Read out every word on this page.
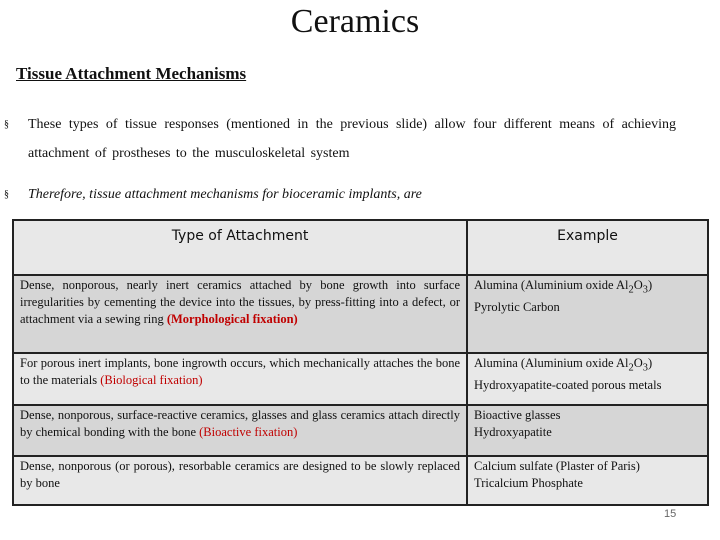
Ceramics
Tissue Attachment Mechanisms
§ These types of tissue responses (mentioned in the previous slide) allow four different means of achieving attachment of prostheses to the musculoskeletal system
§ Therefore, tissue attachment mechanisms for bioceramic implants, are
Type of Attachment	Example
Dense, nonporous, nearly inert ceramics attached by bone growth into surface irregularities by cementing the device into the tissues, by press-fitting into a defect, or attachment via a sewing ring (Morphological fixation)	Alumina (Aluminium oxide $Al_2O_3$)
Pyrolytic Carbon
For porous inert implants, bone ingrowth occurs, which mechanically attaches the bone to the materials (Biological fixation)	Alumina (Aluminium oxide $Al_2O_3$)
Hydroxyapatite-coated porous metals
Dense, nonporous, surface-reactive ceramics, glasses and glass ceramics attach directly by chemical bonding with the bone (Bioactive fixation)	Bioactive glasses
Hydroxyapatite
Dense, nonporous (or porous), resorbable ceramics are designed to be slowly replaced by bone	Calcium sulfate (Plaster of Paris)
Tricalcium Phosphate
15
